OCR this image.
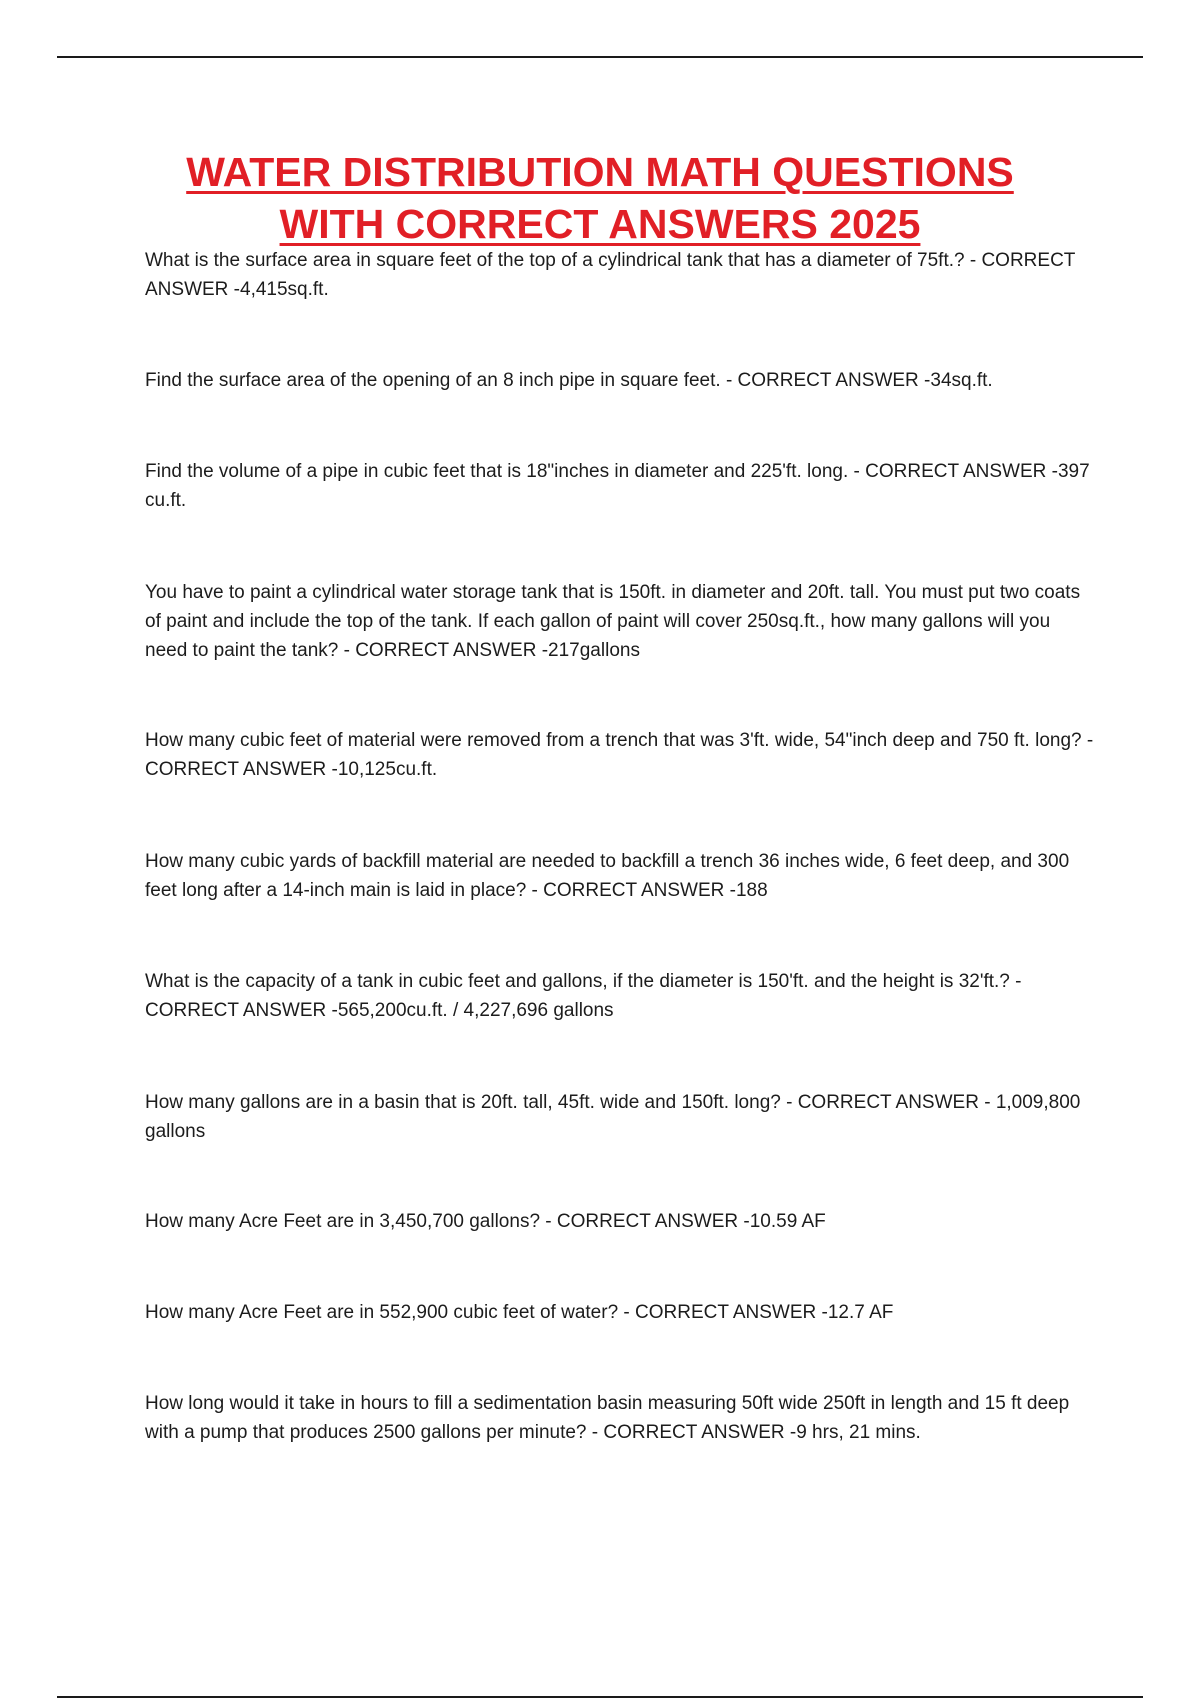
WATER DISTRIBUTION MATH QUESTIONS
WITH CORRECT ANSWERS 2025

What is the surface area in square feet of the top of a cylindrical tank that has a diameter of 75ft.? - CORRECT ANSWER -4,415sq.ft.

Find the surface area of the opening of an 8 inch pipe in square feet. - CORRECT ANSWER -34sq.ft.

Find the volume of a pipe in cubic feet that is 18"inches in diameter and 225'ft. long. - CORRECT ANSWER -397 cu.ft.

You have to paint a cylindrical water storage tank that is 150ft. in diameter and 20ft. tall. You must put two coats of paint and include the top of the tank. If each gallon of paint will cover 250sq.ft., how many gallons will you need to paint the tank? - CORRECT ANSWER -217gallons

How many cubic feet of material were removed from a trench that was 3'ft. wide, 54"inch deep and 750 ft. long? - CORRECT ANSWER -10,125cu.ft.

How many cubic yards of backfill material are needed to backfill a trench 36 inches wide, 6 feet deep, and 300 feet long after a 14-inch main is laid in place? - CORRECT ANSWER -188

What is the capacity of a tank in cubic feet and gallons, if the diameter is 150'ft. and the height is 32'ft.? - CORRECT ANSWER -565,200cu.ft. / 4,227,696 gallons

How many gallons are in a basin that is 20ft. tall, 45ft. wide and 150ft. long? - CORRECT ANSWER - 1,009,800 gallons

How many Acre Feet are in 3,450,700 gallons? - CORRECT ANSWER -10.59 AF

How many Acre Feet are in 552,900 cubic feet of water? - CORRECT ANSWER -12.7 AF

How long would it take in hours to fill a sedimentation basin measuring 50ft wide 250ft in length and 15 ft deep with a pump that produces 2500 gallons per minute? - CORRECT ANSWER -9 hrs, 21 mins.
